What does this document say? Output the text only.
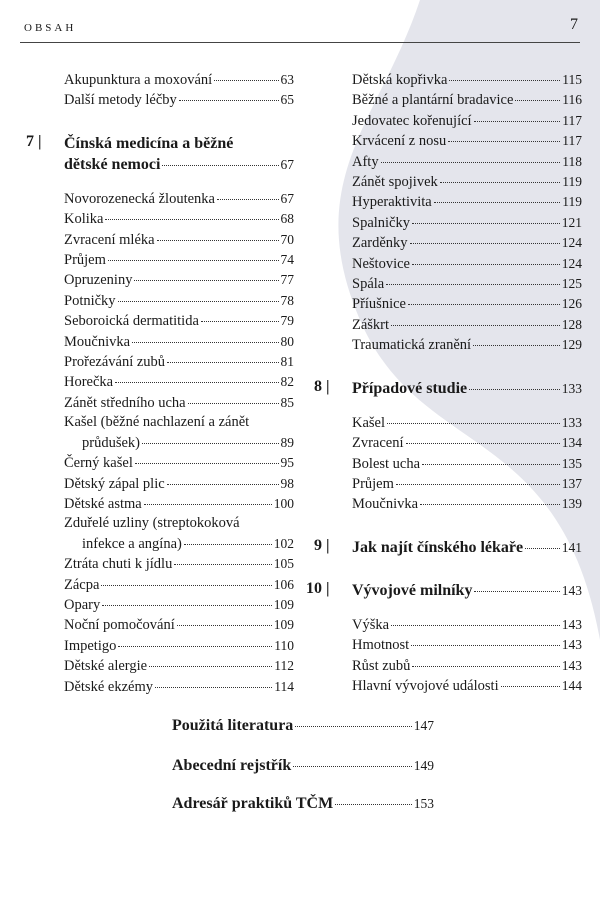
OBSAH	7
Akupunktura a moxování	63
Další metody léčby	65
7 | Čínská medicína a běžné
dětské nemoci	67
Novorozenecká žloutenka	67
Kolika	68
Zvracení mléka	70
Průjem	74
Opruzeniny	77
Potničky	78
Seboroická dermatitida	79
Moučnivka	80
Prořezávání zubů	81
Horečka	82
Zánět středního ucha	85
Kašel (běžné nachlazení a zánět
průdušek)	89
Černý kašel	95
Dětský zápal plic	98
Dětské astma	100
Zduřelé uzliny (streptokoková
infekce a angína)	102
Ztráta chuti k jídlu	105
Zácpa	106
Opary	109
Noční pomočování	109
Impetigo	110
Dětské alergie	112
Dětské ekzémy	114
Dětská kopřivka	115
Běžné a plantární bradavice	116
Jedovatec kořenující	117
Krvácení z nosu	117
Afty	118
Zánět spojivek	119
Hyperaktivita	119
Spalničky	121
Zarděnky	124
Neštovice	124
Spála	125
Příušnice	126
Záškrt	128
Traumatická zranění	129
8 | Případové studie	133
Kašel	133
Zvracení	134
Bolest ucha	135
Průjem	137
Moučnivka	139
9 | Jak najít čínského lékaře	141
10 | Vývojové milníky	143
Výška	143
Hmotnost	143
Růst zubů	143
Hlavní vývojové události	144
Použitá literatura	147
Abecední rejstřík	149
Adresář praktiků TČM	153
